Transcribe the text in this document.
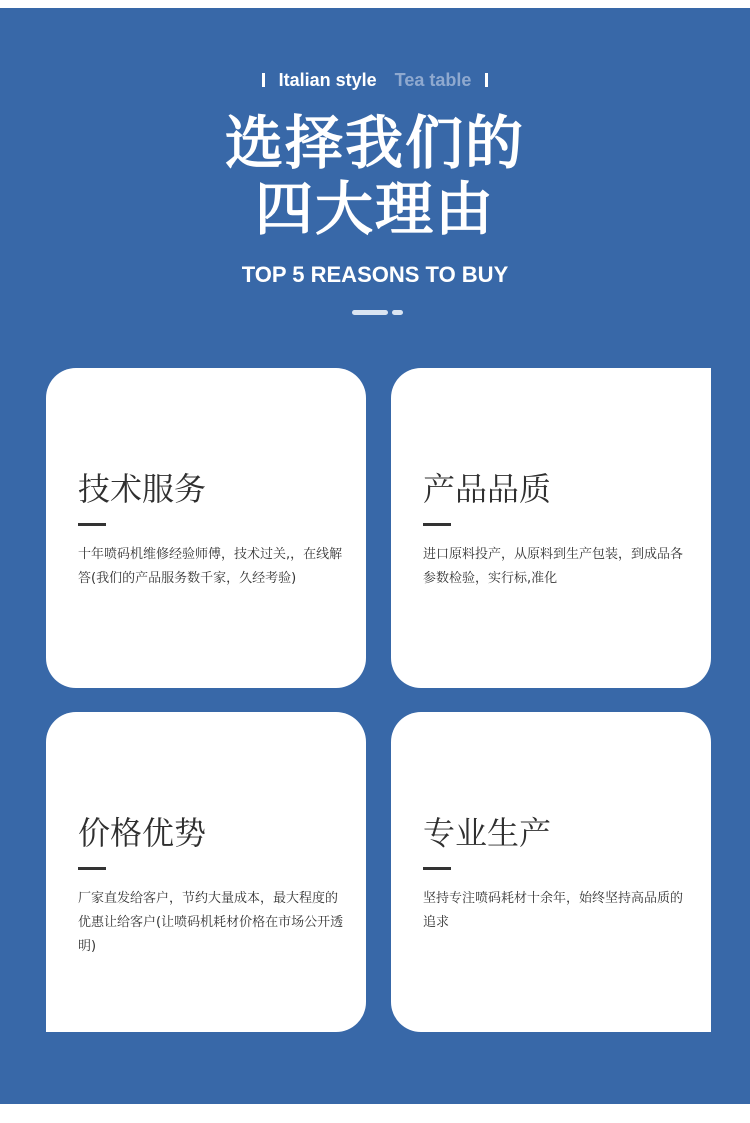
Italian style Tea table
选择我们的
四大理由
TOP 5 REASONS TO BUY
技术服务
十年喷码机维修经验师傅，技术过关,，在线解答(我们的产品服务数千家，久经考验)
产品品质
进口原料投产，从原料到生产包装，到成品各参数检验，实行标,准化
价格优势
厂家直发给客户，节约大量成本，最大程度的优惠让给客户(让喷码机耗材价格在市场公开透明)
专业生产
坚持专注喷码耗材十余年，始终坚持高品质的追求
